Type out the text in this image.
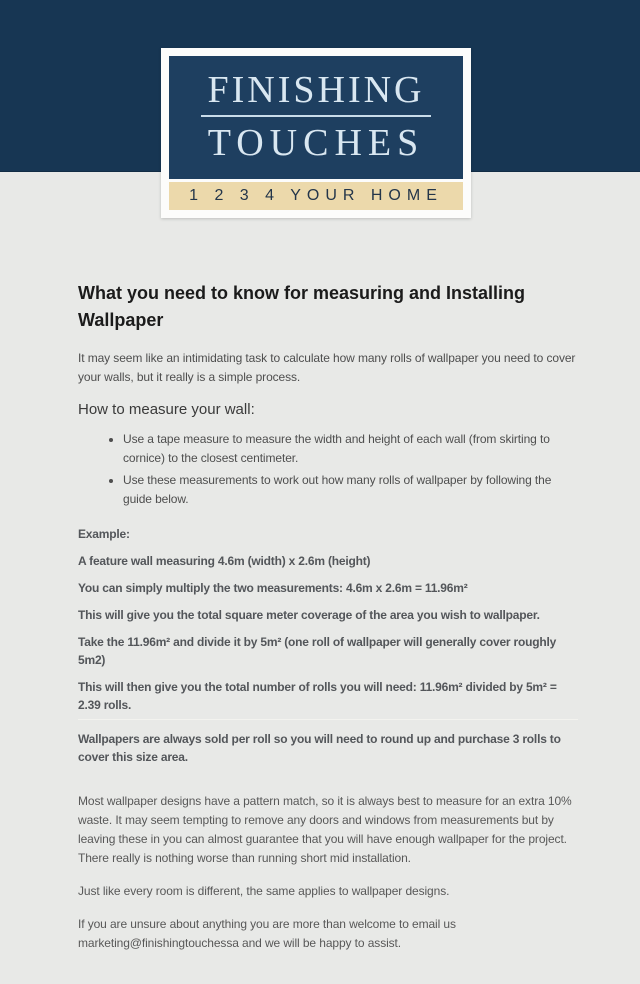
FINISHING
TOUCHES
1 2 3 4 YOUR HOME
What you need to know for measuring and Installing Wallpaper

It may seem like an intimidating task to calculate how many rolls of wallpaper you need to cover your walls, but it really is a simple process.

How to measure your wall:
• Use a tape measure to measure the width and height of each wall (from skirting to cornice) to the closest centimeter.
• Use these measurements to work out how many rolls of wallpaper by following the guide below.

Example:

A feature wall measuring 4.6m (width) x 2.6m (height)

You can simply multiply the two measurements: 4.6m x 2.6m = 11.96m²

This will give you the total square meter coverage of the area you wish to wallpaper.

Take the 11.96m² and divide it by 5m² (one roll of wallpaper will generally cover roughly 5m2)

This will then give you the total number of rolls you will need: 11.96m² divided by 5m² = 2.39 rolls.

Wallpapers are always sold per roll so you will need to round up and purchase 3 rolls to cover this size area.

Most wallpaper designs have a pattern match, so it is always best to measure for an extra 10% waste. It may seem tempting to remove any doors and windows from measurements but by leaving these in you can almost guarantee that you will have enough wallpaper for the project. There really is nothing worse than running short mid installation.

Just like every room is different, the same applies to wallpaper designs.

If you are unsure about anything you are more than welcome to email us marketing@finishingtouchessa and we will be happy to assist.
